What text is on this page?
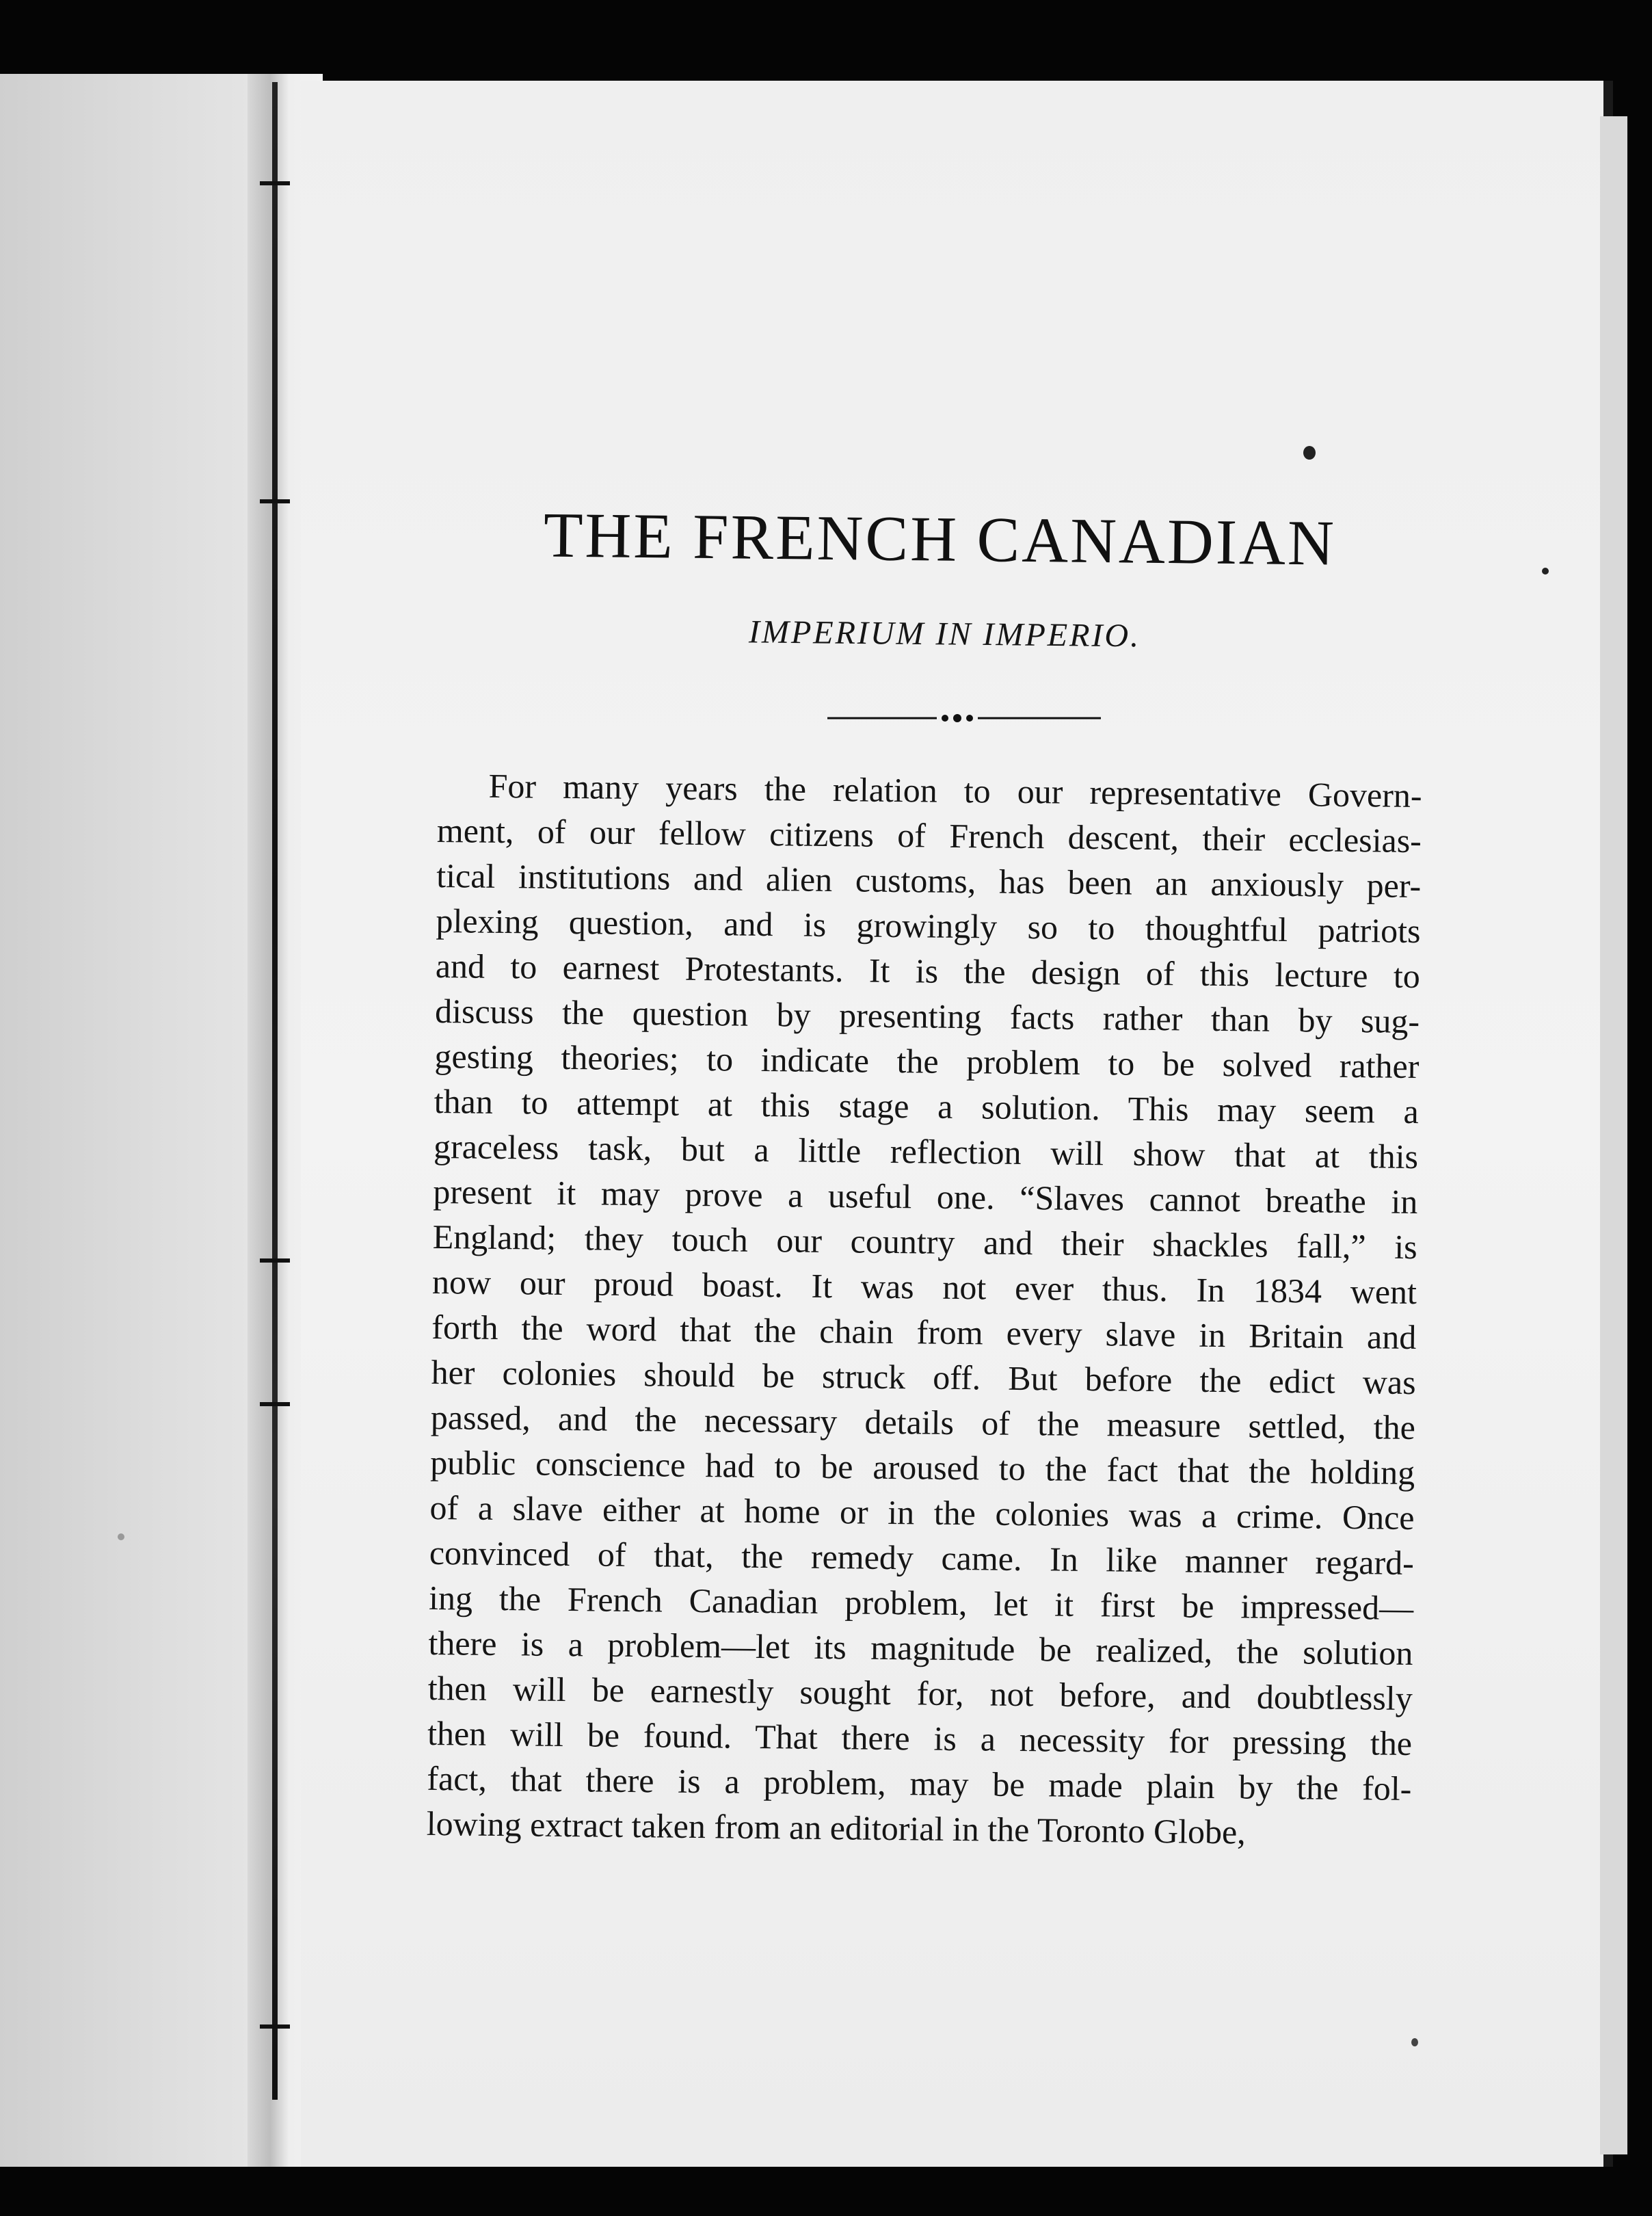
THE FRENCH CANADIAN
IMPERIUM IN IMPERIO.
For many years the relation to our representative Govern-
ment, of our fellow citizens of French descent, their ecclesias-
tical institutions and alien customs, has been an anxiously per-
plexing question, and is growingly so to thoughtful patriots
and to earnest Protestants. It is the design of this lecture to
discuss the question by presenting facts rather than by sug-
gesting theories; to indicate the problem to be solved rather
than to attempt at this stage a solution. This may seem a
graceless task, but a little reflection will show that at this
present it may prove a useful one. “Slaves cannot breathe in
England; they touch our country and their shackles fall,” is
now our proud boast. It was not ever thus. In 1834 went
forth the word that the chain from every slave in Britain and
her colonies should be struck off. But before the edict was
passed, and the necessary details of the measure settled, the
public conscience had to be aroused to the fact that the holding
of a slave either at home or in the colonies was a crime. Once
convinced of that, the remedy came. In like manner regard-
ing the French Canadian problem, let it first be impressed—
there is a problem—let its magnitude be realized, the solution
then will be earnestly sought for, not before, and doubtlessly
then will be found. That there is a necessity for pressing the
fact, that there is a problem, may be made plain by the fol-
lowing extract taken from an editorial in the Toronto Globe,
